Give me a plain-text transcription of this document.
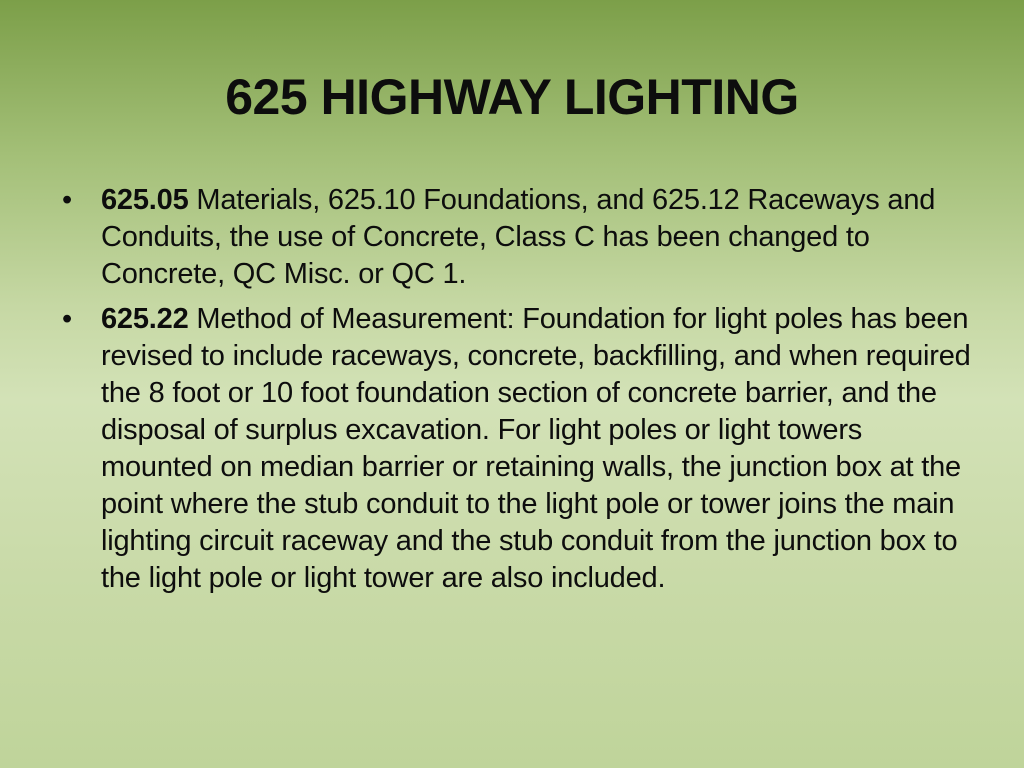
625 HIGHWAY LIGHTING
• 625.05 Materials, 625.10 Foundations, and 625.12 Raceways and Conduits, the use of Concrete, Class C has been changed to Concrete, QC Misc. or QC 1.
• 625.22 Method of Measurement: Foundation for light poles has been revised to include raceways, concrete, backfilling, and when required the 8 foot or 10 foot foundation section of concrete barrier, and the disposal of surplus excavation. For light poles or light towers mounted on median barrier or retaining walls, the junction box at the point where the stub conduit to the light pole or tower joins the main lighting circuit raceway and the stub conduit from the junction box to the light pole or light tower are also included.
